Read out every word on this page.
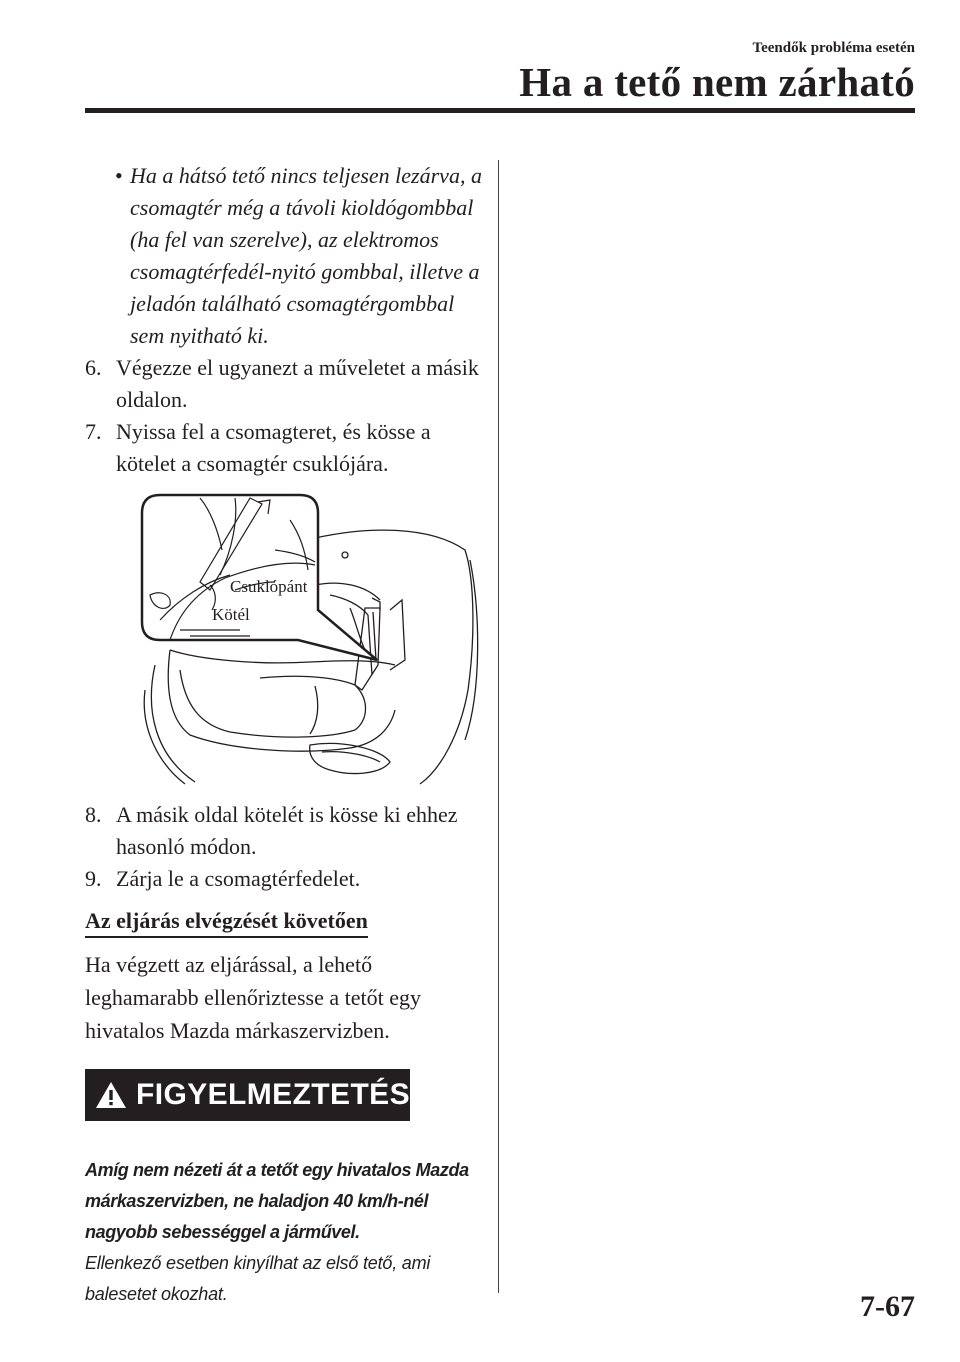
Teendők probléma esetén
Ha a tető nem zárható
• Ha a hátsó tető nincs teljesen lezárva, a csomagtér még a távoli kioldógombbal (ha fel van szerelve), az elektromos csomagtérfedél-nyitó gombbal, illetve a jeladón található csomagtérgombbal sem nyitható ki.
6. Végezze el ugyanezt a műveletet a másik oldalon.
7. Nyissa fel a csomagteret, és kösse a kötelet a csomagtér csuklójára.
Csuklópánt
Kötél
8. A másik oldal kötelét is kösse ki ehhez hasonló módon.
9. Zárja le a csomagtérfedelet.
Az eljárás elvégzését követően
Ha végzett az eljárással, a lehető leghamarabb ellenőriztesse a tetőt egy hivatalos Mazda márkaszervizben.
FIGYELMEZTETÉS
Amíg nem nézeti át a tetőt egy hivatalos Mazda márkaszervizben, ne haladjon 40 km/h-nél nagyobb sebességgel a járművel.
Ellenkező esetben kinyílhat az első tető, ami balesetet okozhat.	7-67
